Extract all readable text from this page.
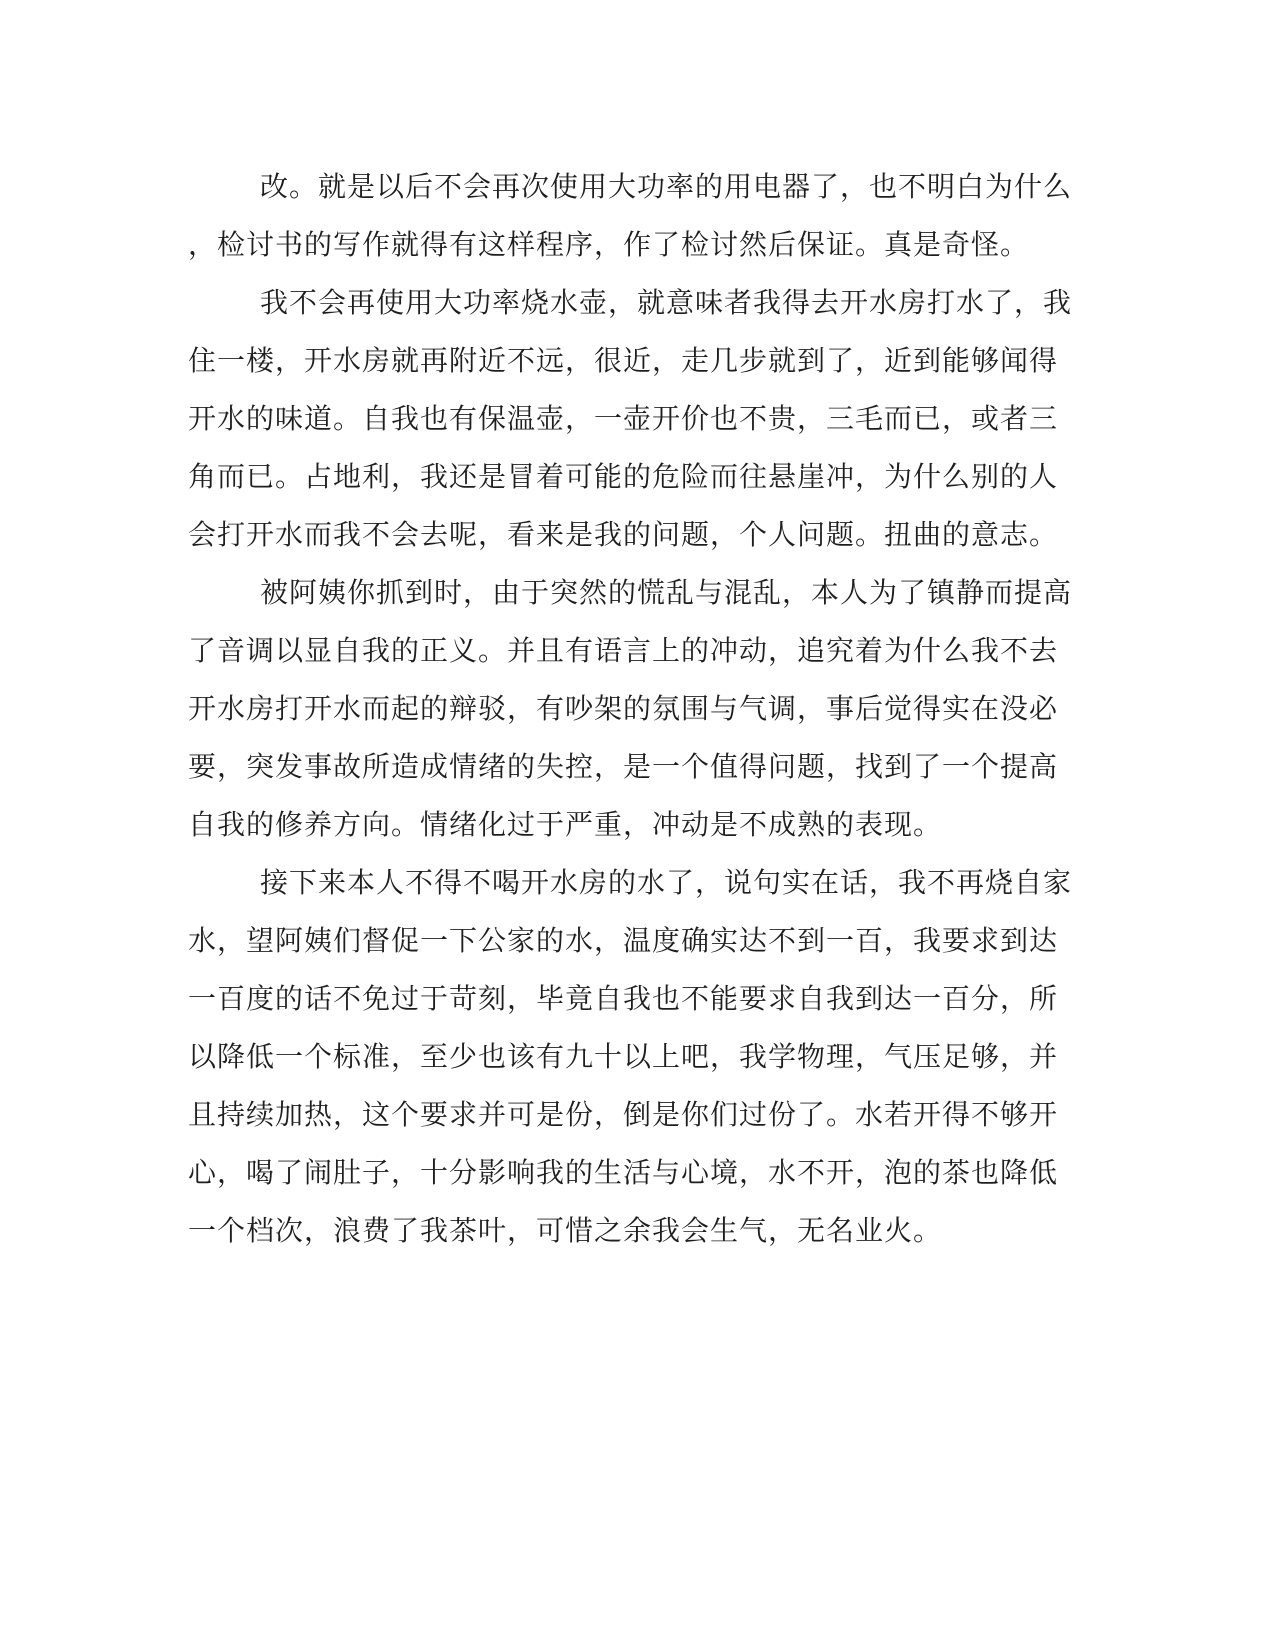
改。就是以后不会再次使用大功率的用电器了，也不明白为什么
，检讨书的写作就得有这样程序，作了检讨然后保证。真是奇怪。
我不会再使用大功率烧水壶，就意味者我得去开水房打水了，我
住一楼，开水房就再附近不远，很近，走几步就到了，近到能够闻得
开水的味道。自我也有保温壶，一壶开价也不贵，三毛而已，或者三
角而已。占地利，我还是冒着可能的危险而往悬崖冲，为什么别的人
会打开水而我不会去呢，看来是我的问题，个人问题。扭曲的意志。
被阿姨你抓到时，由于突然的慌乱与混乱，本人为了镇静而提高
了音调以显自我的正义。并且有语言上的冲动，追究着为什么我不去
开水房打开水而起的辩驳，有吵架的氛围与气调，事后觉得实在没必
要，突发事故所造成情绪的失控，是一个值得问题，找到了一个提高
自我的修养方向。情绪化过于严重，冲动是不成熟的表现。
接下来本人不得不喝开水房的水了，说句实在话，我不再烧自家
水，望阿姨们督促一下公家的水，温度确实达不到一百，我要求到达
一百度的话不免过于苛刻，毕竟自我也不能要求自我到达一百分，所
以降低一个标准，至少也该有九十以上吧，我学物理，气压足够，并
且持续加热，这个要求并可是份，倒是你们过份了。水若开得不够开
心，喝了闹肚子，十分影响我的生活与心境，水不开，泡的茶也降低
一个档次，浪费了我茶叶，可惜之余我会生气，无名业火。
